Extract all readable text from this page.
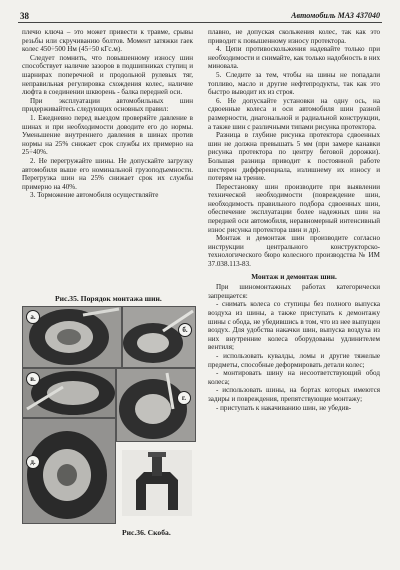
38	Автомобиль МАЗ 437040

плечю ключа – это может привести к травме, срывы резьбы или скручиванию болтов. Момент затяжки гаек колес 450÷500 Нм (45÷50 кГс.м).

Следует помнить, что повышенному износу шин способствует наличие зазоров в подшипниках ступиц и шарнирах поперечной и продольной рулевых тяг, неправильная регулировка схождения колес, наличие люфта в соединении шкворень - балка передней оси.

При эксплуатации автомобильных шин придерживайтесь следующих основных правил:

1. Ежедневно перед выездом проверяйте давление в шинах и при необходимости доводите его до нормы. Уменьшение внутреннего давления в шинах против нормы на 25% снижает срок службы их примерно на 25÷40%.

2. Не перегружайте шины. Не допускайте загрузку автомобиля выше его номинальной грузоподъемности. Перегрузка шин на 25% снижает срок их службы примерно на 40%.

3. Торможение автомобиля осуществляйте

Рис.35. Порядок монтажа шин.
а.
б.
в.
г.
д.
Рис.36. Скоба.

плавно, не допуская скольжения колес, так как это приводит к повышенному износу протектора.

4. Цепи противоскольжения надевайте только при необходимости и снимайте, как только надобность в них миновала.

5. Следите за тем, чтобы на шины не попадали топливо, масло и другие нефтепродукты, так как это быстро выводит их из строя.

6. Не допускайте установки на одну ось, на сдвоенные колеса и оси автомобиля шин разной размерности, диагональной и радиальной конструкции, а также шин с различными типами рисунка протектора.

Разница в глубине рисунка протектора сдвоенных шин не должна превышать 5 мм (при замере канавки рисунка протектора по центру беговой дорожки). Большая разница приводит к постоянной работе шестерен дифференциала, излишнему их износу и потерям на трение.

Перестановку шин производите при выявлении технической необходимости (повреждение шин, необходимость правильного подбора сдвоенных шин, обеспечение эксплуатации более надежных шин на передней оси автомобиля, неравномерный интенсивный износ рисунка протектора шин и др).

Монтаж и демонтаж шин производите согласно инструкции центрального конструкторско-технологического бюро колесного производства № ИМ 37.038.113-83.

Монтаж и демонтаж шин.

При шиномонтажных работах категорически запрещается:

- снимать колеса со ступицы без полного выпуска воздуха из шины, а также приступать к демонтажу шины с обода, не убедившись в том, что из нее выпущен воздух. Для удобства накачки шин, выпуска воздуха из них внутренние колеса оборудованы удлинителем вентиля;

- использовать кувалды, ломы и другие тяжелые предметы, способные деформировать детали колес;

- монтировать шину на несоответствующий обод колеса;

- использовать шины, на бортах которых имеются задиры и повреждения, препятствующие монтажу;

- приступать к накачиванию шин, не убедив-
